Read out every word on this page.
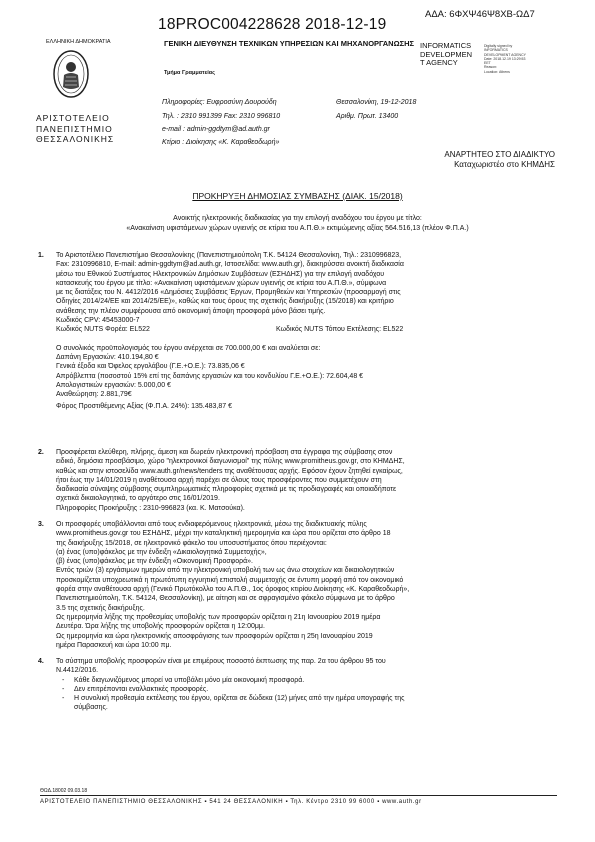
ΑΔΑ: 6ΦΧΨ46Ψ8ΧΒ-ΩΔ7
18PROC004228628 2018-12-19
ΕΛΛΗΝΙΚΗ ΔΗΜΟΚΡΑΤΙΑ	ΓΕΝΙΚΗ ΔΙΕΥΘΥΝΣΗ ΤΕΧΝΙΚΩΝ ΥΠΗΡΕΣΙΩΝ ΚΑΙ ΜΗΧΑΝΟΡΓΑΝΩΣΗΣ
Τμήμα Γραμματείας
ΑΡΙΣΤΟΤΕΛΕΙΟ
ΠΑΝΕΠΙΣΤΗΜΙΟ
ΘΕΣΣΑΛΟΝΙΚΗΣ
INFORMATICS
DEVELOPMEN
T AGENCY
Digitally signed by
INFORMATICS
DEVELOPMENT AGENCY
Date: 2018.12.19 13:29:53
EET
Reason:
Location: Athens
Πληροφορίες: Ευφροσύνη Δουρούδη
Τηλ. : 2310 991399 Fax: 2310 996810
e-mail : admin-ggdtym@ad.auth.gr
Κτίριο : Διοίκησης «Κ. Καραθεοδωρή»
Θεσσαλονίκη, 19-12-2018
Αριθμ. Πρωτ. 13400
ΑΝΑΡΤΗΤΕΟ ΣΤΟ ΔΙΑΔΙΚΤΥΟ
Καταχωριστέο στο ΚΗΜΔΗΣ
ΠΡΟΚΗΡΥΞΗ ΔΗΜΟΣΙΑΣ ΣΥΜΒΑΣΗΣ (ΔΙΑΚ. 15/2018)
Ανοικτής ηλεκτρονικής διαδικασίας για την επιλογή αναδόχου του έργου με τίτλο:
«Ανακαίνιση υφιστάμενων χώρων υγιεινής σε κτίρια του Α.Π.Θ.» εκτιμώμενης αξίας 564.516,13 (πλέον Φ.Π.Α.)
1. Το Αριστοτέλειο Πανεπιστήμιο Θεσσαλονίκης (Πανεπιστημιούπολη Τ.Κ. 54124 Θεσσαλονίκη, Τηλ.: 2310996823,
Fax: 2310996810, E-mail: admin-ggdtym@ad.auth.gr, Ιστοσελίδα: www.auth.gr), διακηρύσσει ανοικτή διαδικασία
μέσω του Εθνικού Συστήματος Ηλεκτρονικών Δημόσιων Συμβάσεων (ΕΣΗΔΗΣ) για την επιλογή αναδόχου
κατασκευής του έργου με τίτλο: «Ανακαίνιση υφιστάμενων χώρων υγιεινής σε κτίρια του Α.Π.Θ.», σύμφωνα
με τις διατάξεις του Ν. 4412/2016 «Δημόσιες Συμβάσεις Έργων, Προμηθειών και Υπηρεσιών (προσαρμογή στις
Οδηγίες 2014/24/ΕΕ και 2014/25/ΕΕ)», καθώς και τους όρους της σχετικής διακήρυξης (15/2018) και κριτήριο
ανάθεσης την πλέον συμφέρουσα από οικονομική άποψη προσφορά μόνο βάσει τιμής.
Κωδικός CPV: 45453000-7
Κωδικός NUTS Φορέα: EL522	Κωδικός NUTS Τόπου Εκτέλεσης: EL522
Ο συνολικός προϋπολογισμός του έργου ανέρχεται σε 700.000,00 € και αναλύεται σε:
Δαπάνη Εργασιών: 410.194,80 €
Γενικά έξοδα και Όφελος εργολάβου (Γ.Ε.+Ο.Ε.): 73.835,06 €
Απρόβλεπτα (ποσοστού 15% επί της δαπάνης εργασιών και του κονδυλίου Γ.Ε.+Ο.Ε.): 72.604,48 €
Απολογιστικών εργασιών: 5.000,00 €
Αναθεώρηση: 2.881,79€
Φόρος Προστιθέμενης Αξίας (Φ.Π.Α. 24%): 135.483,87 €
2. Προσφέρεται ελεύθερη, πλήρης, άμεση και δωρεάν ηλεκτρονική πρόσβαση στα έγγραφα της σύμβασης στον
ειδικό, δημόσια προσβάσιμο, χώρο "ηλεκτρονικοί διαγωνισμοί" της πύλης www.promitheus.gov.gr, στο ΚΗΜΔΗΣ,
καθώς και στην ιστοσελίδα www.auth.gr/news/tenders της αναθέτουσας αρχής. Εφόσον έχουν ζητηθεί εγκαίρως,
ήτοι έως την 14/01/2019 η αναθέτουσα αρχή παρέχει σε όλους τους προσφέροντες που συμμετέχουν στη
διαδικασία σύναψης σύμβασης συμπληρωματικές πληροφορίες σχετικά με τις προδιαγραφές και οποιαδήποτε
σχετικά δικαιολογητικά, το αργότερο στις 16/01/2019.
Πληροφορίες Προκήρυξης : 2310-996823 (κα. Κ. Ματσούκα).
3. Οι προσφορές υποβάλλονται από τους ενδιαφερόμενους ηλεκτρονικά, μέσω της διαδικτυακής πύλης
www.promitheus.gov.gr του ΕΣΗΔΗΣ, μέχρι την καταληκτική ημερομηνία και ώρα που ορίζεται στο άρθρο 18
της διακήρυξης 15/2018, σε ηλεκτρονικό φάκελο του υποσυστήματος όπου περιέχονται:
(α) ένας (υπο)φάκελος με την ένδειξη «Δικαιολογητικά Συμμετοχής»,
(β) ένας (υπο)φάκελος με την ένδειξη «Οικονομική Προσφορά».
Εντός τριών (3) εργάσιμων ημερών από την ηλεκτρονική υποβολή των ως άνω στοιχείων και δικαιολογητικών
προσκομίζεται υποχρεωτικά η πρωτότυπη εγγυητική επιστολή συμμετοχής σε έντυπη μορφή από τον οικονομικό
φορέα στην αναθέτουσα αρχή (Γενικό Πρωτόκολλο του Α.Π.Θ., 1ος όροφος κτιρίου Διοίκησης «Κ. Καραθεοδωρή»,
Πανεπιστημιούπολη, Τ.Κ. 54124, Θεσσαλονίκη), με αίτηση και σε σφραγισμένο φάκελο σύμφωνα με το άρθρο
3.5 της σχετικής διακήρυξης.
Ως ημερομηνία λήξης της προθεσμίας υποβολής των προσφορών ορίζεται η 21η Ιανουαρίου 2019 ημέρα
Δευτέρα. Ώρα λήξης της υποβολής προσφορών ορίζεται η 12:00μμ.
Ως ημερομηνία και ώρα ηλεκτρονικής αποσφράγισης των προσφορών ορίζεται η 25η Ιανουαρίου 2019
ημέρα Παρασκευή και ώρα 10:00 πμ.
4. Το σύστημα υποβολής προσφορών είναι με επιμέρους ποσοστό έκπτωσης της παρ. 2α του άρθρου 95 του
Ν.4412/2016.
- Κάθε διαγωνιζόμενος μπορεί να υποβάλει μόνο μία οικονομική προσφορά.
- Δεν επιτρέπονται εναλλακτικές προσφορές.
- Η συνολική προθεσμία εκτέλεσης του έργου, ορίζεται σε δώδεκα (12) μήνες από την ημέρα υπογραφής της
σύμβασης.
ΘΩΔ.18002 09.03.18
ΑΡΙΣΤΟΤΕΛΕΙΟ ΠΑΝΕΠΙΣΤΗΜΙΟ ΘΕΣΣΑΛΟΝΙΚΗΣ ▪ 541 24 ΘΕΣΣΑΛΟΝΙΚΗ ▪ Τηλ. Κέντρο 2310 99 6000 ▪ www.auth.gr
